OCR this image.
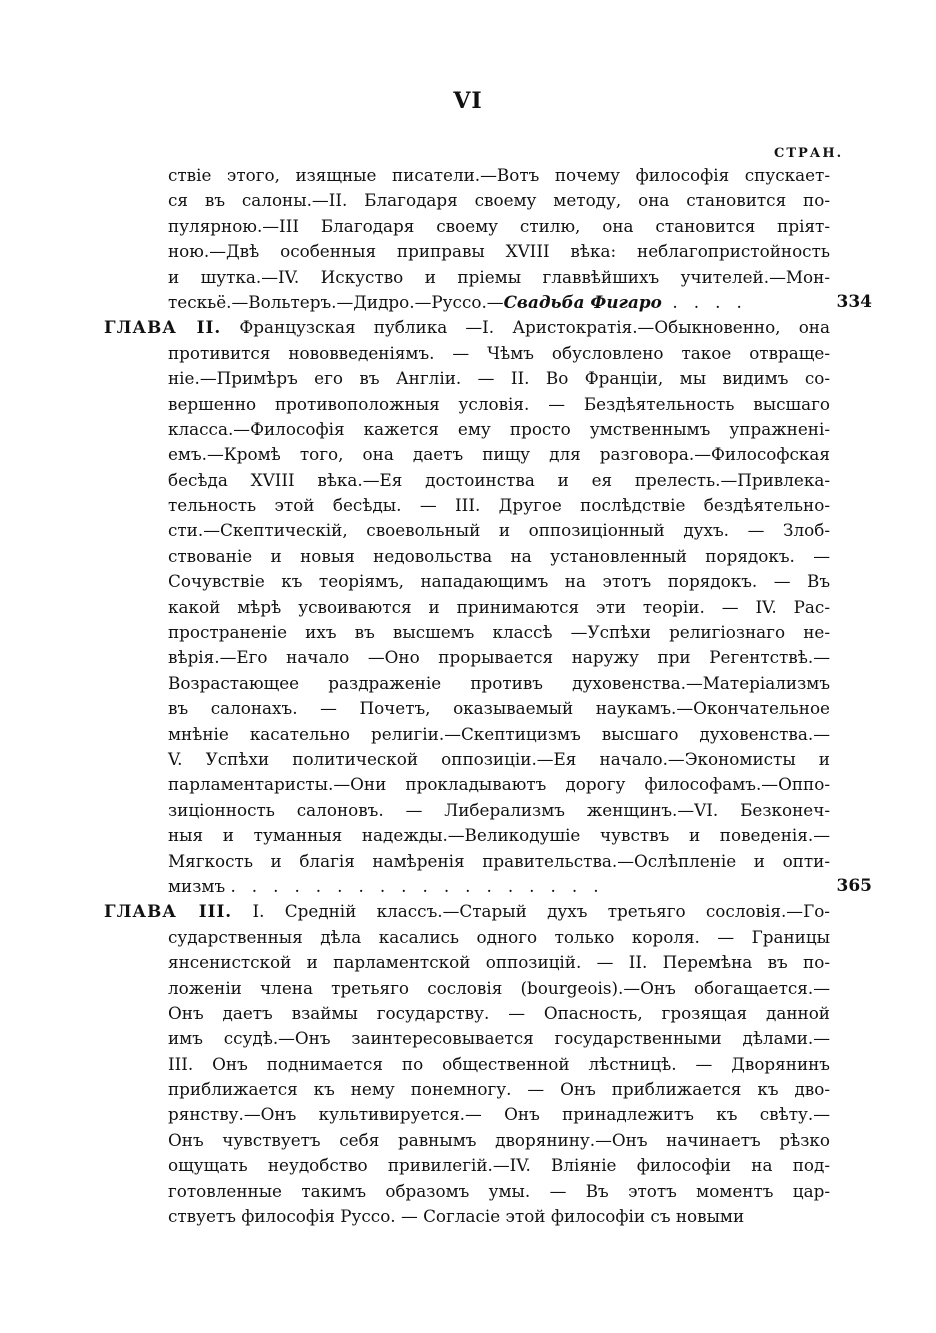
VI
СТРАН.
ствіе этого, изящные писатели.—Вотъ почему философія спускает-
ся въ салоны.—II. Благодаря своему методу, она становится по-
пулярною.—III Благодаря своему стилю, она становится пріят-
ною.—Двѣ особенныя приправы XVIII вѣка: неблагопристойность
и шутка.—IV. Искуство и пріемы главвѣйшихъ учителей.—Мон-
тескьё.—Вольтеръ.—Дидро.—Руссо.—Свадьба Фигаро  .   .   .   .	334
ГЛАВА II. Французская публика —I. Аристократія.—Обыкновенно, она
противится нововведеніямъ. — Чѣмъ обусловлено такое отвраще-
ніе.—Примѣръ его въ Англіи. — II. Во Франціи, мы видимъ со-
вершенно противоположныя условія. — Бездѣятельность высшаго
класса.—Философія кажется ему просто умственнымъ упражнені-
емъ.—Кромѣ того, она даетъ пищу для разговора.—Философская
бесѣда XVIII вѣка.—Ея достоинства и ея прелесть.—Привлека-
тельность этой бесѣды. — III. Другое послѣдствіе бездѣятельно-
сти.—Скептическій, своевольный и оппозиціонный духъ. — Злоб-
ствованіе и новыя недовольства на установленный порядокъ. —
Сочувствіе къ теоріямъ, нападающимъ на этотъ порядокъ. — Въ
какой мѣрѣ усвоиваются и принимаются эти теоріи. — IV. Рас-
пространеніе ихъ въ высшемъ классѣ —Успѣхи религіознаго не-
вѣрія.—Его начало —Оно прорывается наружу при Регентствѣ.—
Возрастающее раздраженіе противъ духовенства.—Матеріализмъ
въ салонахъ. — Почетъ, оказываемый наукамъ.—Окончательное
мнѣніе касательно религіи.—Скептицизмъ высшаго духовенства.—
V. Успѣхи политической оппозиціи.—Ея начало.—Экономисты и
парламентаристы.—Они прокладываютъ дорогу философамъ.—Оппо-
зиціонность салоновъ. — Либерализмъ женщинъ.—VI. Безконеч-
ныя и туманныя надежды.—Великодушіе чувствъ и поведенія.—
Мягкость и благія намѣренія правительства.—Ослѣпленіе и опти-
мизмъ .   .   .   .   .   .   .   .   .   .   .   .   .   .   .   .   .   .	365
ГЛАВА III. I. Средній классъ.—Старый духъ третьяго сословія.—Го-
сударственныя дѣла касались одного только короля. — Границы
янсенистской и парламентской оппозицій. — II. Перемѣна въ по-
ложеніи члена третьяго сословія (bourgeois).—Онъ обогащается.—
Онъ даетъ взаймы государству. — Опасность, грозящая данной
имъ ссудѣ.—Онъ заинтересовывается государственными дѣлами.—
III. Онъ поднимается по общественной лѣстницѣ. — Дворянинъ
приближается къ нему понемногу. — Онъ приближается къ дво-
рянству.—Онъ культивируется.— Онъ принадлежитъ къ свѣту.—
Онъ чувствуетъ себя равнымъ дворянину.—Онъ начинаетъ рѣзко
ощущать неудобство привилегій.—IV. Вліяніе философіи на под-
готовленные такимъ образомъ умы. — Въ этотъ моментъ цар-
ствуетъ философія Руссо. — Согласіе этой философіи съ новыми
